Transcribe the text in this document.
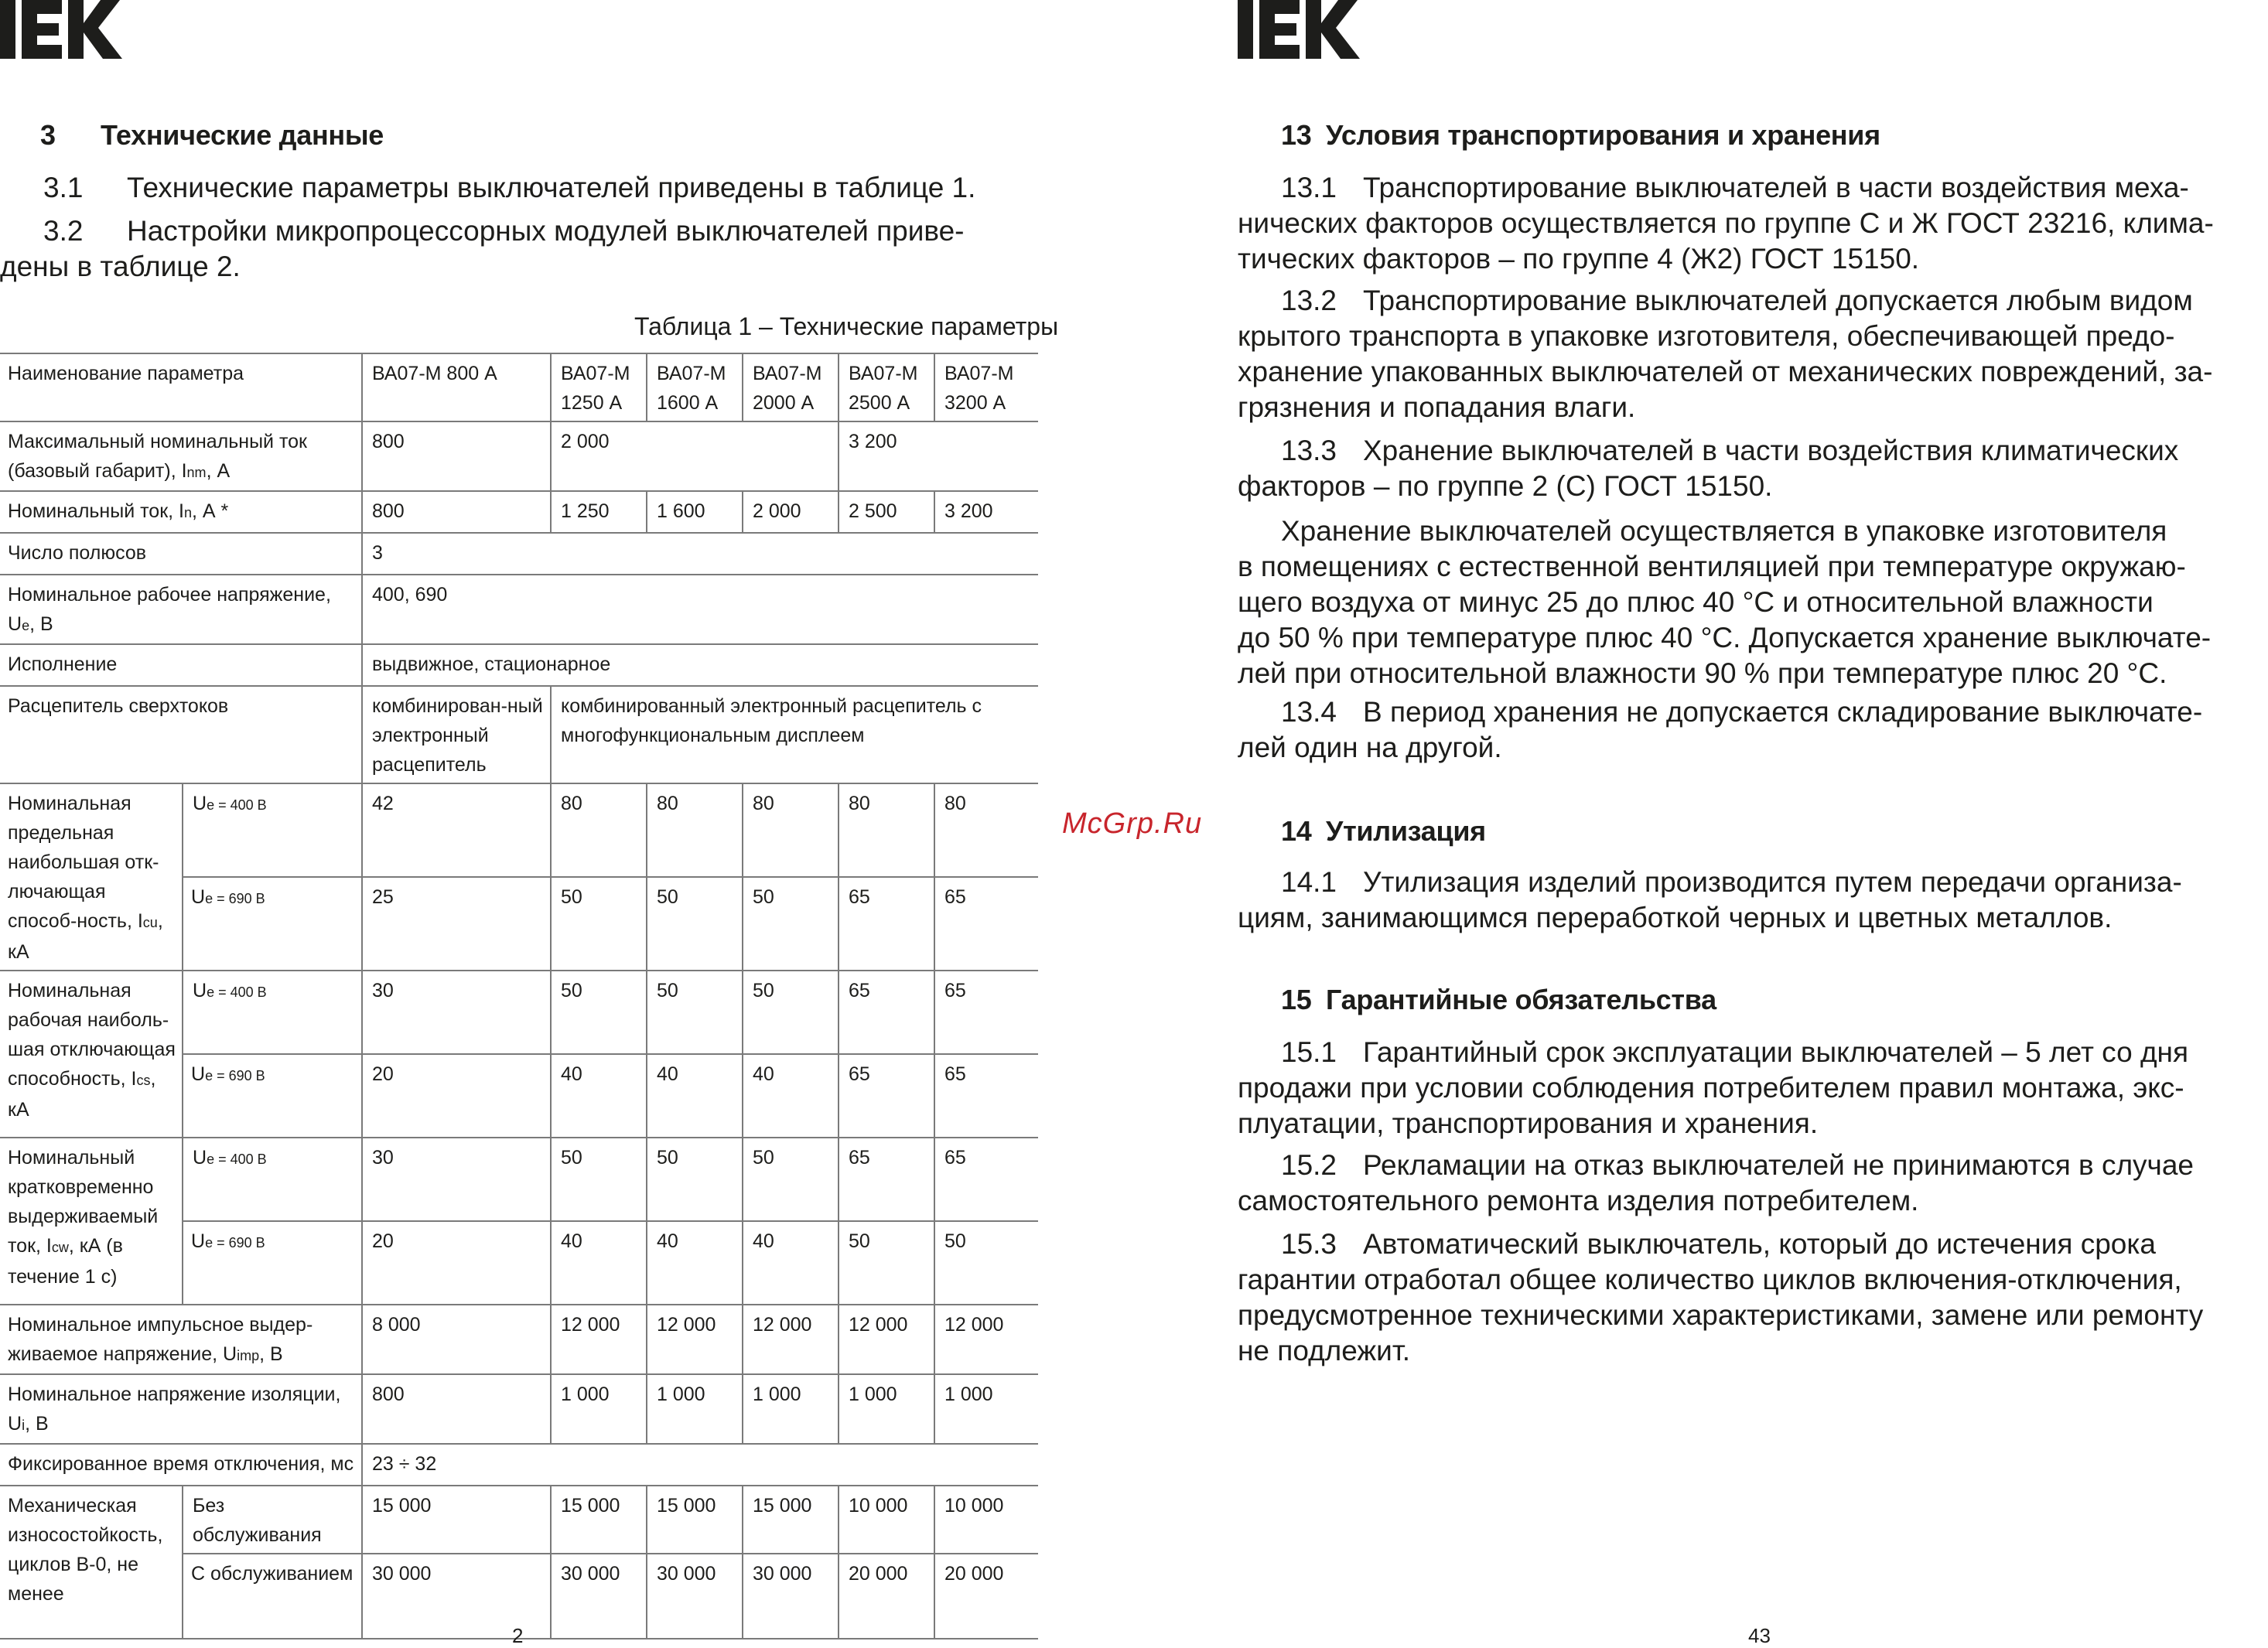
3 Технические данные

3.1 Технические параметры выключателей приведены в таблице 1.

3.2 Настройки микропроцессорных модулей выключателей приве-

дены в таблице 2.

Таблица 1 – Технические параметры
Наименование параметра		ВА07-М 800 А	ВА07-М 1250 А	ВА07-М 1600 А	ВА07-М 2000 А	ВА07-М 2500 А	ВА07-М 3200 А
Максимальный номинальный ток (базовый габарит), Inm, А		800	2 000			3 200	
Номинальный ток, In, А *		800	1 250	1 600	2 000	2 500	3 200
Число полюсов		3					
Номинальное рабочее напряжение, Ue, В		400, 690					
Исполнение		выдвижное, стационарное					
Расцепитель сверхтоков		комбинирован-ный электронный расцепитель	комбинированный электронный расцепитель с многофункциональным дисплеем				
Номинальная предельная наибольшая отк-лючающая способ-ность, Icu, кА	Ue = 400 В	42	80	80	80	80	80
	Ue = 690 В	25	50	50	50	65	65
Номинальная рабочая наиболь-шая отключающая способность, Ics, кА	Ue = 400 В	30	50	50	50	65	65
	Ue = 690 В	20	40	40	40	65	65
Номинальный кратковременно выдерживаемый ток, Icw, кА (в течение 1 с)	Ue = 400 В	30	50	50	50	65	65
	Ue = 690 В	20	40	40	40	50	50
Номинальное импульсное выдер-живаемое напряжение, Uimp, В		8 000	12 000	12 000	12 000	12 000	12 000
Номинальное напряжение изоляции, Ui, В		800	1 000	1 000	1 000	1 000	1 000
Фиксированное время отключения, мс		23 ÷ 32					
Механическая износостойкость, циклов В-0, не менее	Без обслуживания	15 000	15 000	15 000	15 000	10 000	10 000
	С обслуживанием	30 000	30 000	30 000	30 000	20 000	20 000
2
13 Условия транспортирования и хранения

13.1 Транспортирование выключателей в части воздействия меха-

нических факторов осуществляется по группе С и Ж ГОСТ 23216, клима-

тических факторов – по группе 4 (Ж2) ГОСТ 15150.

13.2 Транспортирование выключателей допускается любым видом

крытого транспорта в упаковке изготовителя, обеспечивающей предо-

хранение упакованных выключателей от механических повреждений, за-

грязнения и попадания влаги.

13.3 Хранение выключателей в части воздействия климатических

факторов – по группе 2 (С) ГОСТ 15150.

Хранение выключателей осуществляется в упаковке изготовителя

в помещениях с естественной вентиляцией при температуре окружаю-

щего воздуха от минус 25 до плюс 40 °С и относительной влажности

до 50 % при температуре плюс 40 °С. Допускается хранение выключате-

лей при относительной влажности 90 % при температуре плюс 20 °С.

13.4 В период хранения не допускается складирование выключате-

лей один на другой.

14 Утилизация

14.1 Утилизация изделий производится путем передачи организа-

циям, занимающимся переработкой черных и цветных металлов.

15 Гарантийные обязательства

15.1 Гарантийный срок эксплуатации выключателей – 5 лет со дня

продажи при условии соблюдения потребителем правил монтажа, экс-

плуатации, транспортирования и хранения.

15.2 Рекламации на отказ выключателей не принимаются в случае

самостоятельного ремонта изделия потребителем.

15.3 Автоматический выключатель, который до истечения срока

гарантии отработал общее количество циклов включения-отключения,

предусмотренное техническими характеристиками, замене или ремонту

не подлежит.

43
McGrp.Ru
